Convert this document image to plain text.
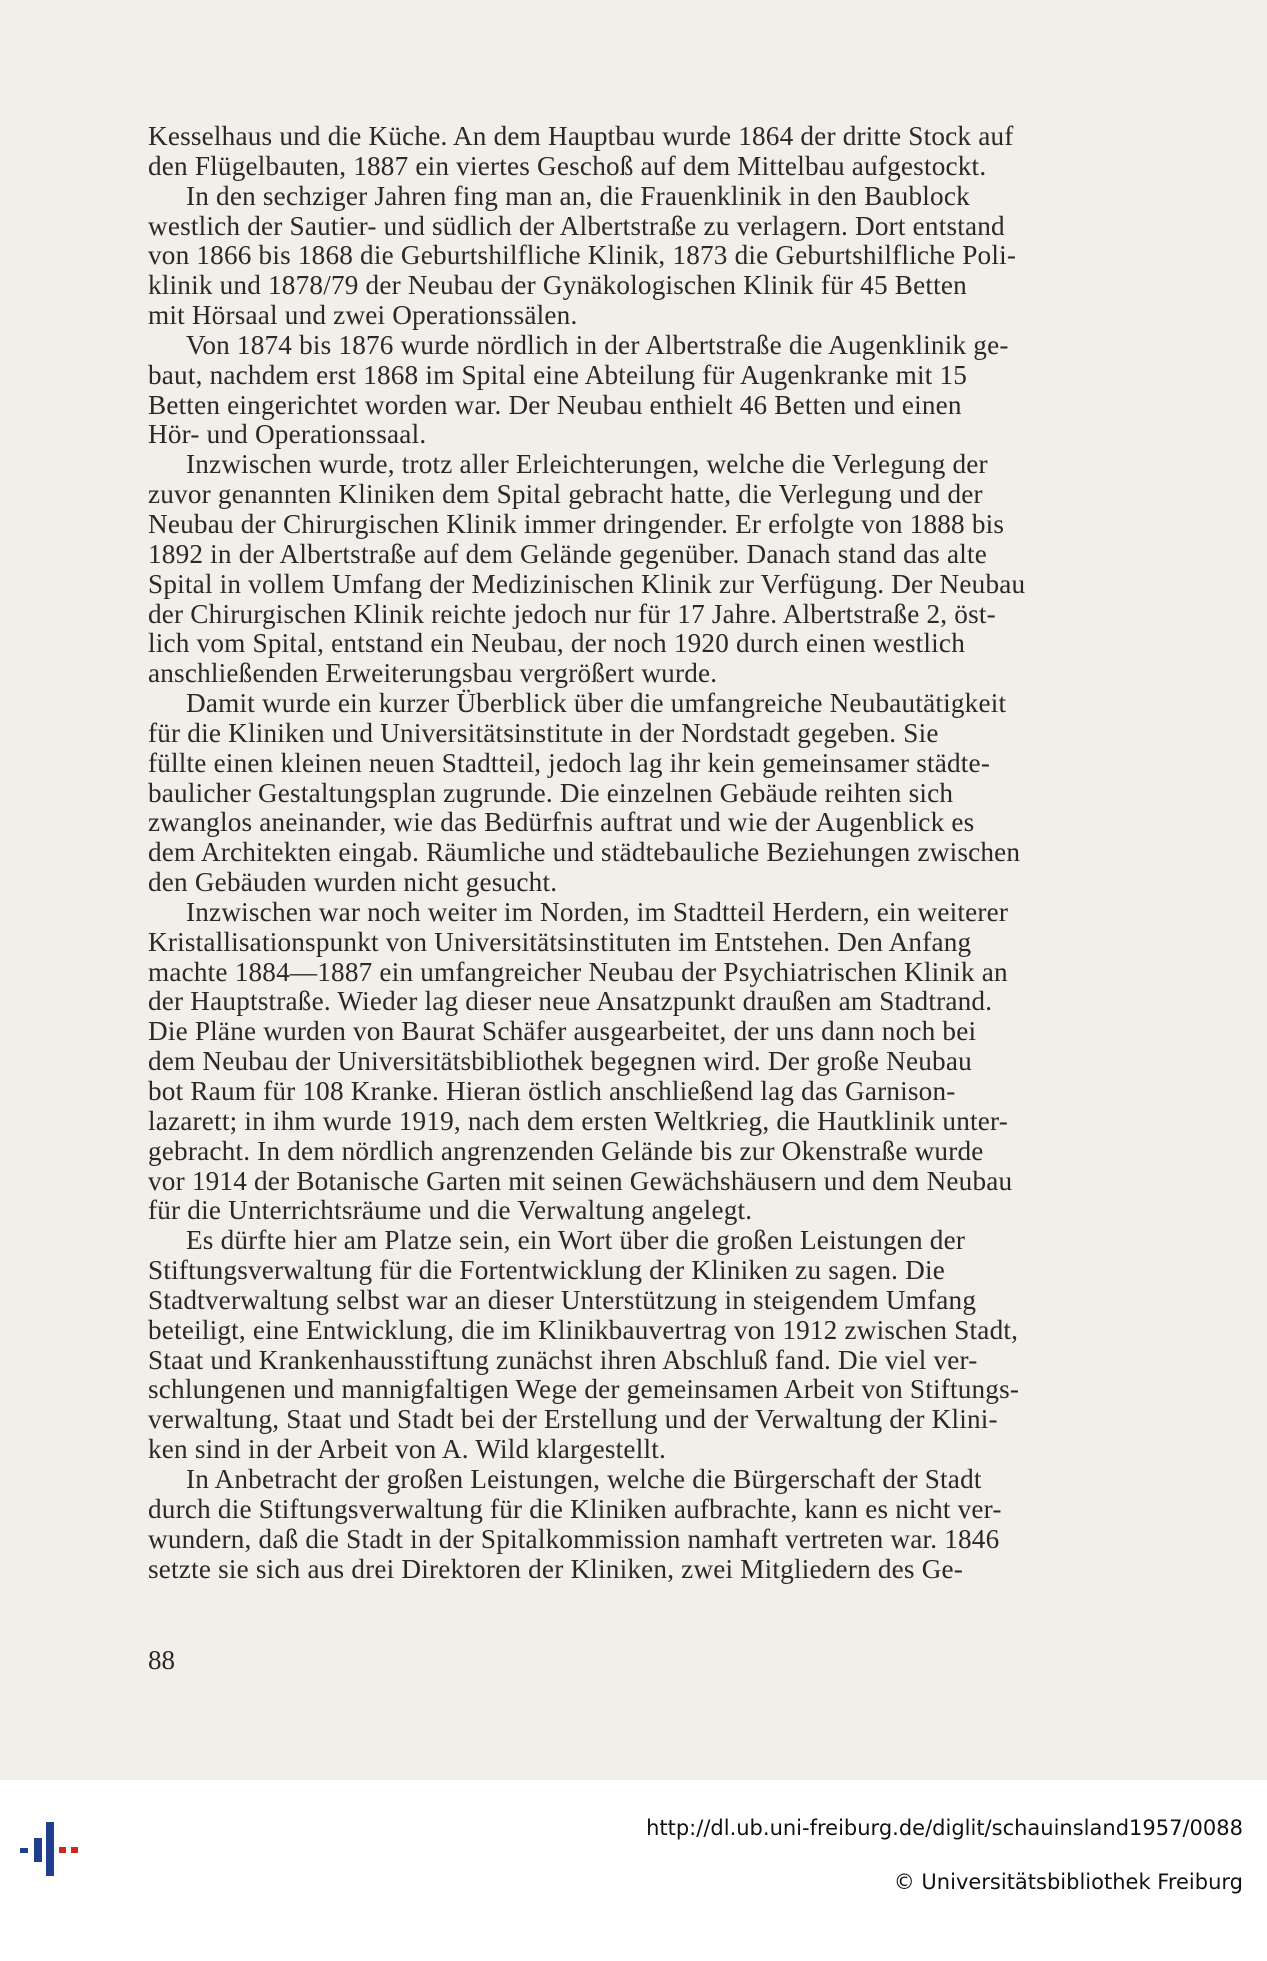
Kesselhaus und die Küche. An dem Hauptbau wurde 1864 der dritte Stock auf
den Flügelbauten, 1887 ein viertes Geschoß auf dem Mittelbau aufgestockt.

In den sechziger Jahren fing man an, die Frauenklinik in den Baublock
westlich der Sautier- und südlich der Albertstraße zu verlagern. Dort entstand
von 1866 bis 1868 die Geburtshilfliche Klinik, 1873 die Geburtshilfliche Poli-
klinik und 1878/79 der Neubau der Gynäkologischen Klinik für 45 Betten
mit Hörsaal und zwei Operationssälen.

Von 1874 bis 1876 wurde nördlich in der Albertstraße die Augenklinik ge-
baut, nachdem erst 1868 im Spital eine Abteilung für Augenkranke mit 15
Betten eingerichtet worden war. Der Neubau enthielt 46 Betten und einen
Hör- und Operationssaal.

Inzwischen wurde, trotz aller Erleichterungen, welche die Verlegung der
zuvor genannten Kliniken dem Spital gebracht hatte, die Verlegung und der
Neubau der Chirurgischen Klinik immer dringender. Er erfolgte von 1888 bis
1892 in der Albertstraße auf dem Gelände gegenüber. Danach stand das alte
Spital in vollem Umfang der Medizinischen Klinik zur Verfügung. Der Neubau
der Chirurgischen Klinik reichte jedoch nur für 17 Jahre. Albertstraße 2, öst-
lich vom Spital, entstand ein Neubau, der noch 1920 durch einen westlich
anschließenden Erweiterungsbau vergrößert wurde.

Damit wurde ein kurzer Überblick über die umfangreiche Neubautätigkeit
für die Kliniken und Universitätsinstitute in der Nordstadt gegeben. Sie
füllte einen kleinen neuen Stadtteil, jedoch lag ihr kein gemeinsamer städte-
baulicher Gestaltungsplan zugrunde. Die einzelnen Gebäude reihten sich
zwanglos aneinander, wie das Bedürfnis auftrat und wie der Augenblick es
dem Architekten eingab. Räumliche und städtebauliche Beziehungen zwischen
den Gebäuden wurden nicht gesucht.

Inzwischen war noch weiter im Norden, im Stadtteil Herdern, ein weiterer
Kristallisationspunkt von Universitätsinstituten im Entstehen. Den Anfang
machte 1884—1887 ein umfangreicher Neubau der Psychiatrischen Klinik an
der Hauptstraße. Wieder lag dieser neue Ansatzpunkt draußen am Stadtrand.
Die Pläne wurden von Baurat Schäfer ausgearbeitet, der uns dann noch bei
dem Neubau der Universitätsbibliothek begegnen wird. Der große Neubau
bot Raum für 108 Kranke. Hieran östlich anschließend lag das Garnison-
lazarett; in ihm wurde 1919, nach dem ersten Weltkrieg, die Hautklinik unter-
gebracht. In dem nördlich angrenzenden Gelände bis zur Okenstraße wurde
vor 1914 der Botanische Garten mit seinen Gewächshäusern und dem Neubau
für die Unterrichtsräume und die Verwaltung angelegt.

Es dürfte hier am Platze sein, ein Wort über die großen Leistungen der
Stiftungsverwaltung für die Fortentwicklung der Kliniken zu sagen. Die
Stadtverwaltung selbst war an dieser Unterstützung in steigendem Umfang
beteiligt, eine Entwicklung, die im Klinikbauvertrag von 1912 zwischen Stadt,
Staat und Krankenhausstiftung zunächst ihren Abschluß fand. Die viel ver-
schlungenen und mannigfaltigen Wege der gemeinsamen Arbeit von Stiftungs-
verwaltung, Staat und Stadt bei der Erstellung und der Verwaltung der Klini-
ken sind in der Arbeit von A. Wild klargestellt.

In Anbetracht der großen Leistungen, welche die Bürgerschaft der Stadt
durch die Stiftungsverwaltung für die Kliniken aufbrachte, kann es nicht ver-
wundern, daß die Stadt in der Spitalkommission namhaft vertreten war. 1846
setzte sie sich aus drei Direktoren der Kliniken, zwei Mitgliedern des Ge-

88
http://dl.ub.uni-freiburg.de/diglit/schauinsland1957/0088
© Universitätsbibliothek Freiburg
